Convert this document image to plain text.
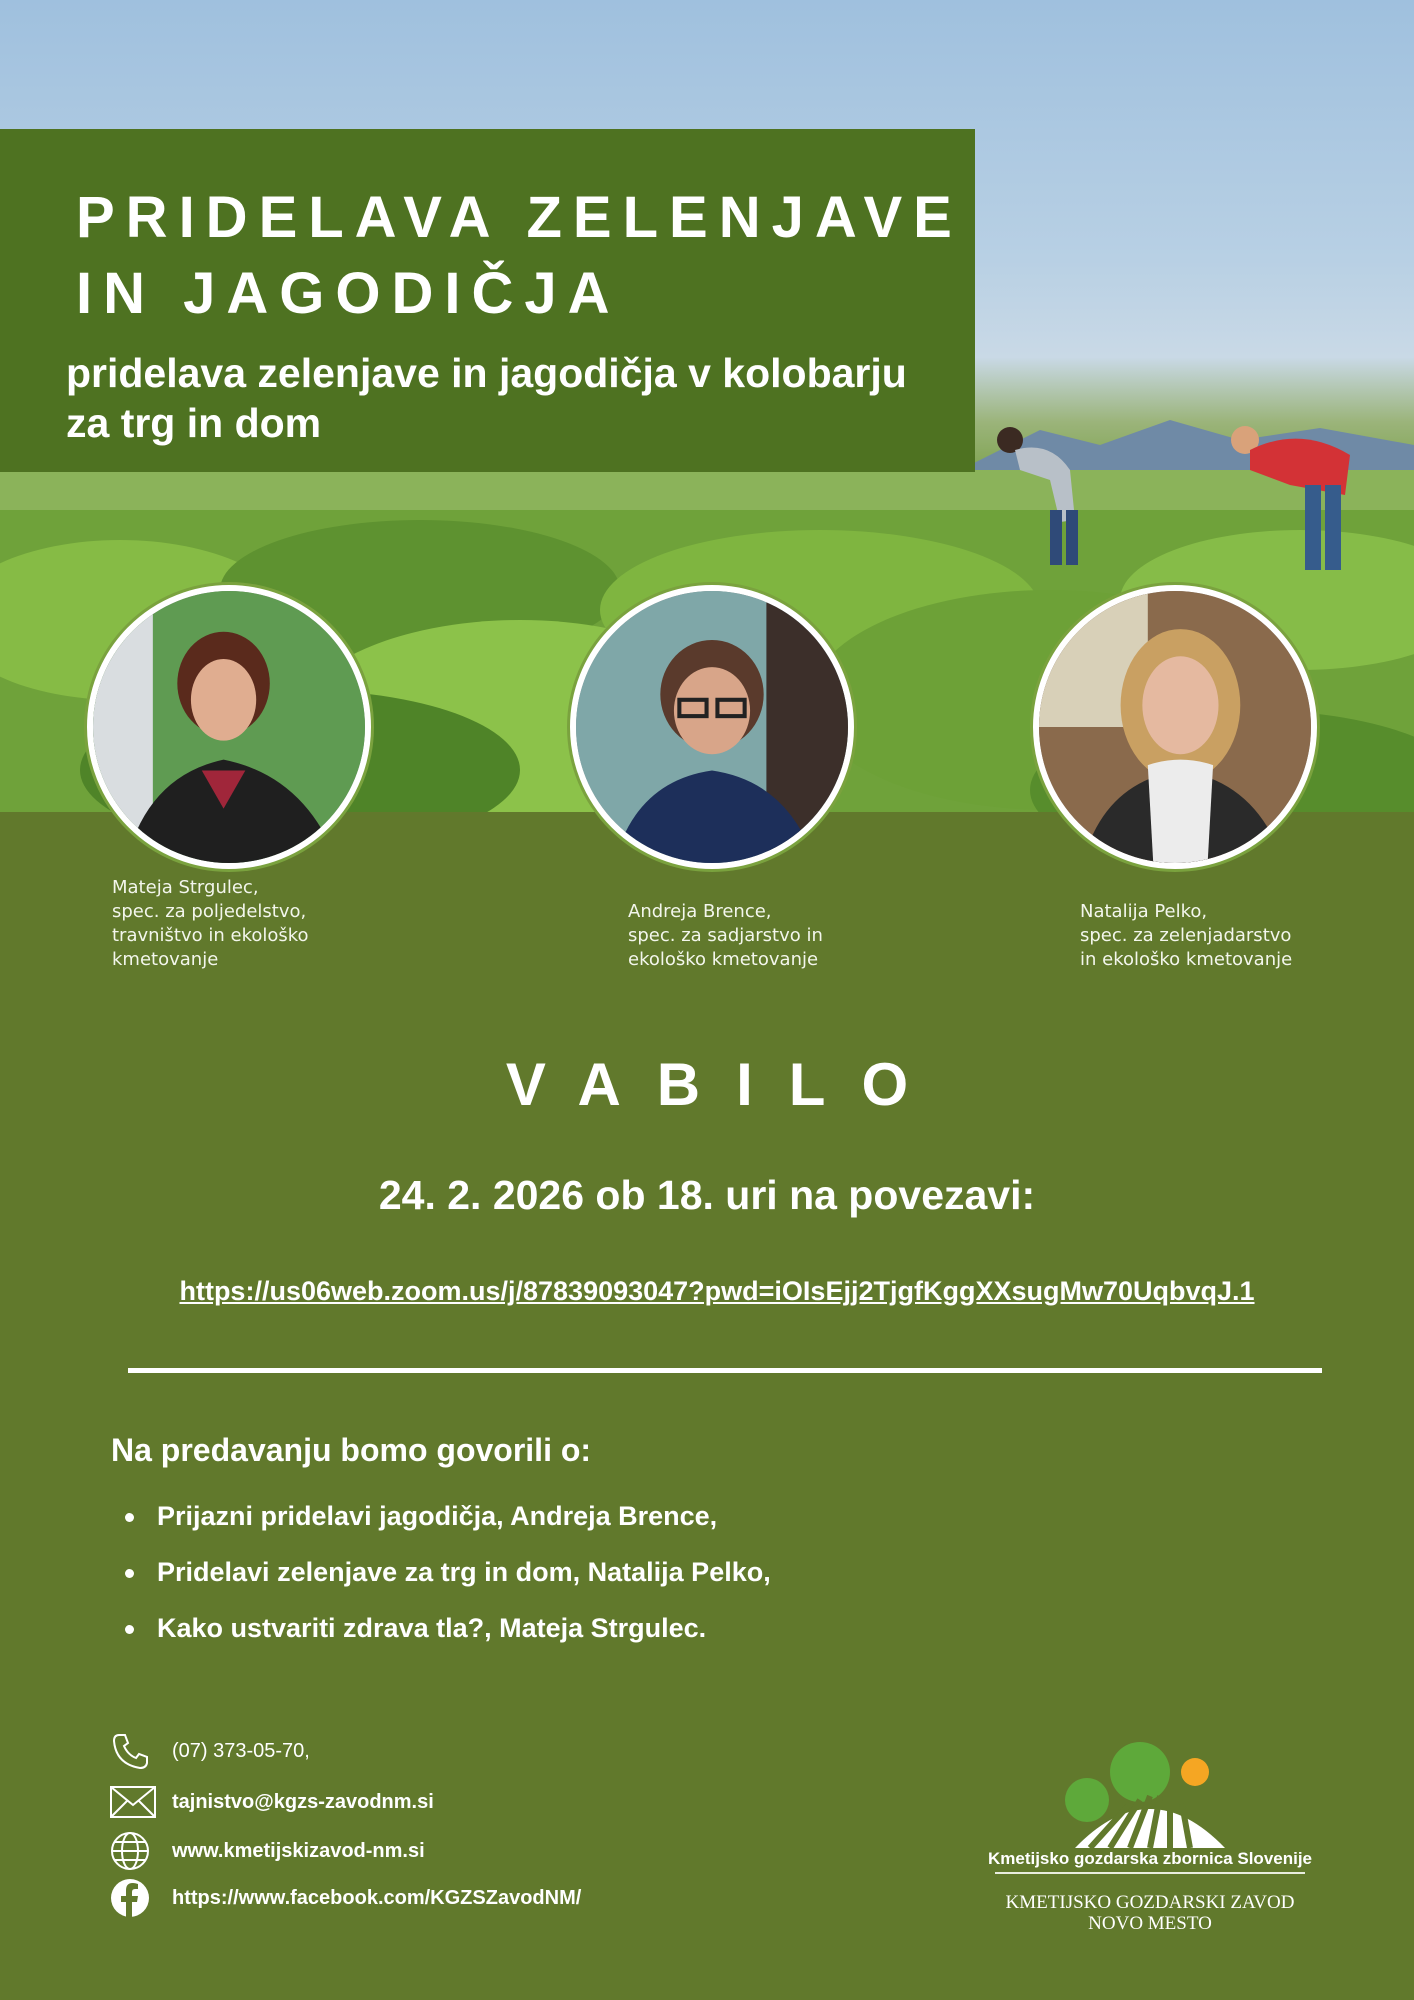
PRIDELAVA ZELENJAVE
IN JAGODIČJA
pridelava zelenjave in jagodičja v kolobarju
za trg in dom

Mateja Strgulec,
spec. za poljedelstvo,
travništvo in ekološko
kmetovanje

Andreja Brence,
spec. za sadjarstvo in
ekološko kmetovanje

Natalija Pelko,
spec. za zelenjadarstvo
in ekološko kmetovanje

VABILO

24. 2. 2026 ob 18. uri na povezavi:

https://us06web.zoom.us/j/87839093047?pwd=iOIsEjj2TjgfKggXXsugMw70UqbvqJ.1
Na predavanju bomo govorili o:
Prijazni pridelavi jagodičja, Andreja Brence,
Pridelavi zelenjave za trg in dom, Natalija Pelko,
Kako ustvariti zdrava tla?, Mateja Strgulec.
(07) 373-05-70,
tajnistvo@kgzs-zavodnm.si
www.kmetijskizavod-nm.si
https://www.facebook.com/KGZSZavodNM/

Kmetijsko gozdarska zbornica Slovenije

KMETIJSKO GOZDARSKI ZAVOD
NOVO MESTO
